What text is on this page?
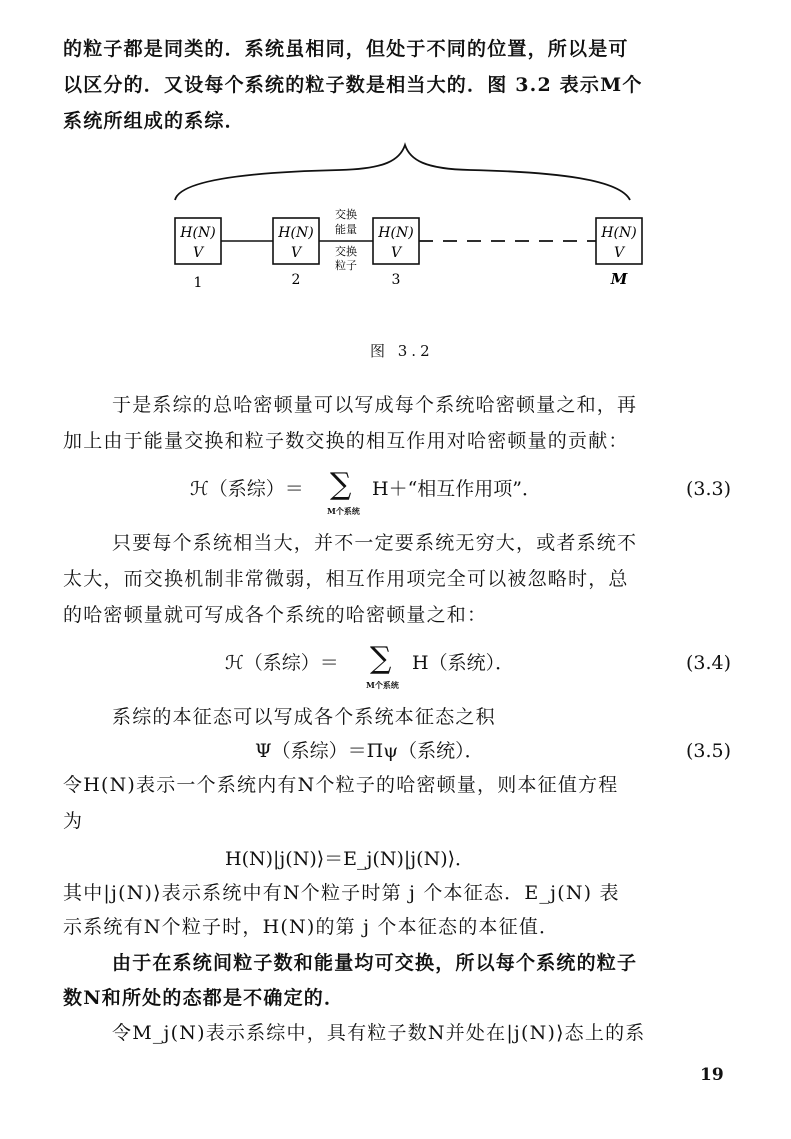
的粒子都是同类的．系统虽相同，但处于不同的位置，所以是可
以区分的．又设每个系统的粒子数是相当大的．图 3.2 表示M个
系统所组成的系综．
H(N)
V
H(N)
V
H(N)
V
H(N)
V
交换
能量
交换
粒子
1	2	3	M
图 3.2
于是系综的总哈密顿量可以写成每个系统哈密顿量之和，再
加上由于能量交换和粒子数交换的相互作用对哈密顿量的贡献：
ℋ（系综）＝ ∑
M个系统
H＋“相互作用项”．	(3.3)
只要每个系统相当大，并不一定要系统无穷大，或者系统不
太大，而交换机制非常微弱，相互作用项完全可以被忽略时，总
的哈密顿量就可写成各个系统的哈密顿量之和：
ℋ（系综）＝ ∑
M个系统
H（系统）．	(3.4)
系综的本征态可以写成各个系统本征态之积
Ψ（系综）＝Πψ（系统）．	(3.5)
令H(N)表示一个系统内有N个粒子的哈密顿量，则本征值方程
为
H(N)|j(N)⟩＝E_j(N)|j(N)⟩．
其中|j(N)⟩表示系统中有N个粒子时第 j 个本征态．E_j(N) 表
示系统有N个粒子时，H(N)的第 j 个本征态的本征值．
由于在系统间粒子数和能量均可交换，所以每个系统的粒子
数N和所处的态都是不确定的．
令M_j(N)表示系综中，具有粒子数N并处在|j(N)⟩态上的系
19
